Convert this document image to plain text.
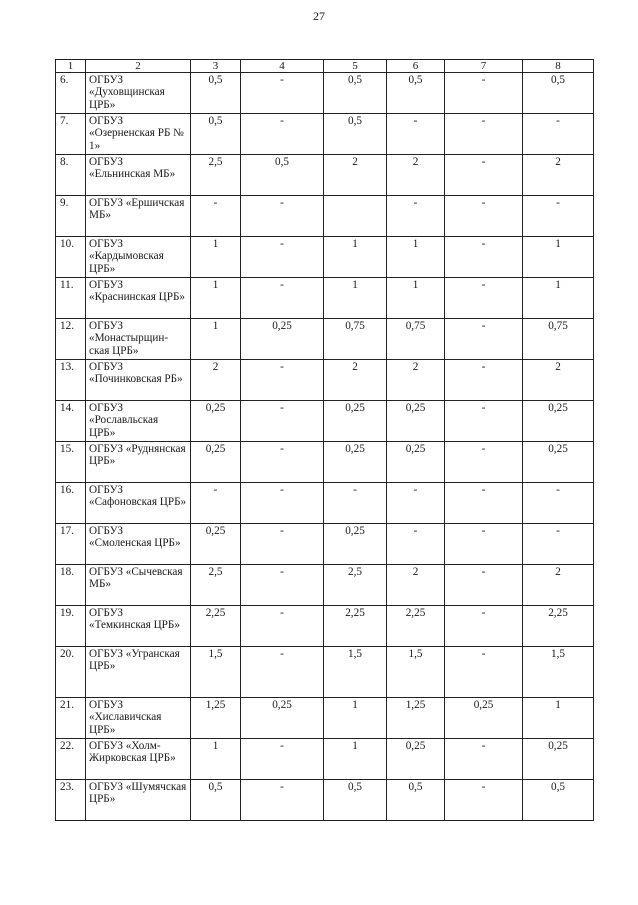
27
1	2	3	4	5	6	7	8
6.	ОГБУЗ «Духовщинская ЦРБ»	0,5	-	0,5	0,5	-	0,5
7.	ОГБУЗ «Озерненская РБ № 1»	0,5	-	0,5	-	-	-
8.	ОГБУЗ «Ельнинская МБ»	2,5	0,5	2	2	-	2
9.	ОГБУЗ «Ершичская МБ»	-	-		-	-	-
10.	ОГБУЗ «Кардымовская ЦРБ»	1	-	1	1	-	1
11.	ОГБУЗ «Краснинская ЦРБ»	1	-	1	1	-	1
12.	ОГБУЗ «Монастырщин-ская ЦРБ»	1	0,25	0,75	0,75	-	0,75
13.	ОГБУЗ «Починковская РБ»	2	-	2	2	-	2
14.	ОГБУЗ «Рославльская ЦРБ»	0,25	-	0,25	0,25	-	0,25
15.	ОГБУЗ «Руднянская ЦРБ»	0,25	-	0,25	0,25	-	0,25
16.	ОГБУЗ «Сафоновская ЦРБ»	-	-	-	-	-	-
17.	ОГБУЗ «Смоленская ЦРБ»	0,25	-	0,25	-	-	-
18.	ОГБУЗ «Сычевская МБ»	2,5	-	2,5	2	-	2
19.	ОГБУЗ «Темкинская ЦРБ»	2,25	-	2,25	2,25	-	2,25
20.	ОГБУЗ «Угранская ЦРБ»	1,5	-	1,5	1,5	-	1,5
21.	ОГБУЗ «Хиславичская ЦРБ»	1,25	0,25	1	1,25	0,25	1
22.	ОГБУЗ «Холм-Жирковская ЦРБ»	1	-	1	0,25	-	0,25
23.	ОГБУЗ «Шумячская ЦРБ»	0,5	-	0,5	0,5	-	0,5
